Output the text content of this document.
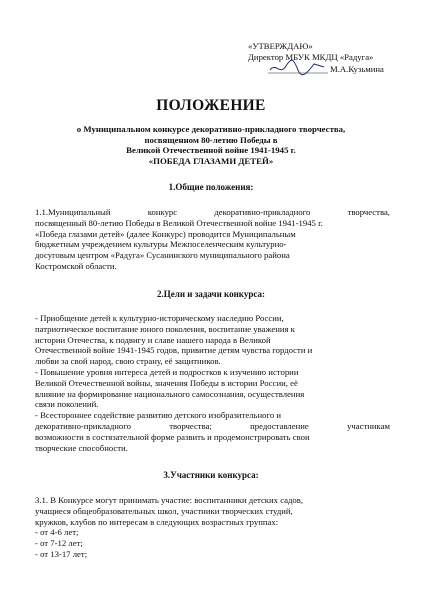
«УТВЕРЖДАЮ»
Директор МБУК МКДЦ «Радуга»
М.А.Кузьмина
ПОЛОЖЕНИЕ
о Муниципальном конкурсе декоративно-прикладного творчества,
посвященном 80-летию Победы в
Великой Отечественной войне 1941-1945 г.
«ПОБЕДА ГЛАЗАМИ ДЕТЕЙ»
1.Общие положения:
1.1.Муниципальный	конкурс	декоративно-прикладного	творчества,
посвященный 80-летию Победы в Великой Отечественной войне 1941-1945 г.
«Победа глазами детей» (далее Конкурс) проводится Муниципальным
бюджетным учреждением культуры Межпоселенческим культурно-
досуговым центром «Радуга» Сусанинского муниципального района
Костромской области.
2.Цели и задачи конкурса:
- Приобщение детей к культурно-историческому наследию России,
патриотическое воспитание юного поколения, воспитание уважения к
истории Отечества, к подвигу и славе нашего народа в Великой
Отечественной войне 1941-1945 годов, привитие детям чувства гордости и
любви за свой народ, свою страну, её защитников.
- Повышение уровня интереса детей и подростков к изучению истории
Великой Отечественной войны, значения Победы в истории России, её
влияние на формирование национального самосознания, осуществления
связи поколений.
- Всестороннее содействие развитию детского изобразительного и
декоративно-прикладного	творчества;	предоставление	участникам
возможности в состязательной форме развить и продемонстрировать свои
творческие способности.
3.Участники конкурса:
3.1. В Конкурсе могут принимать участие: воспитанники детских садов,
учащиеся общеобразовательных школ, участники творческих студий,
кружков, клубов по интересам в следующих возрастных группах:
- от 4-6 лет;
- от 7-12 лет;
- от 13-17 лет;
